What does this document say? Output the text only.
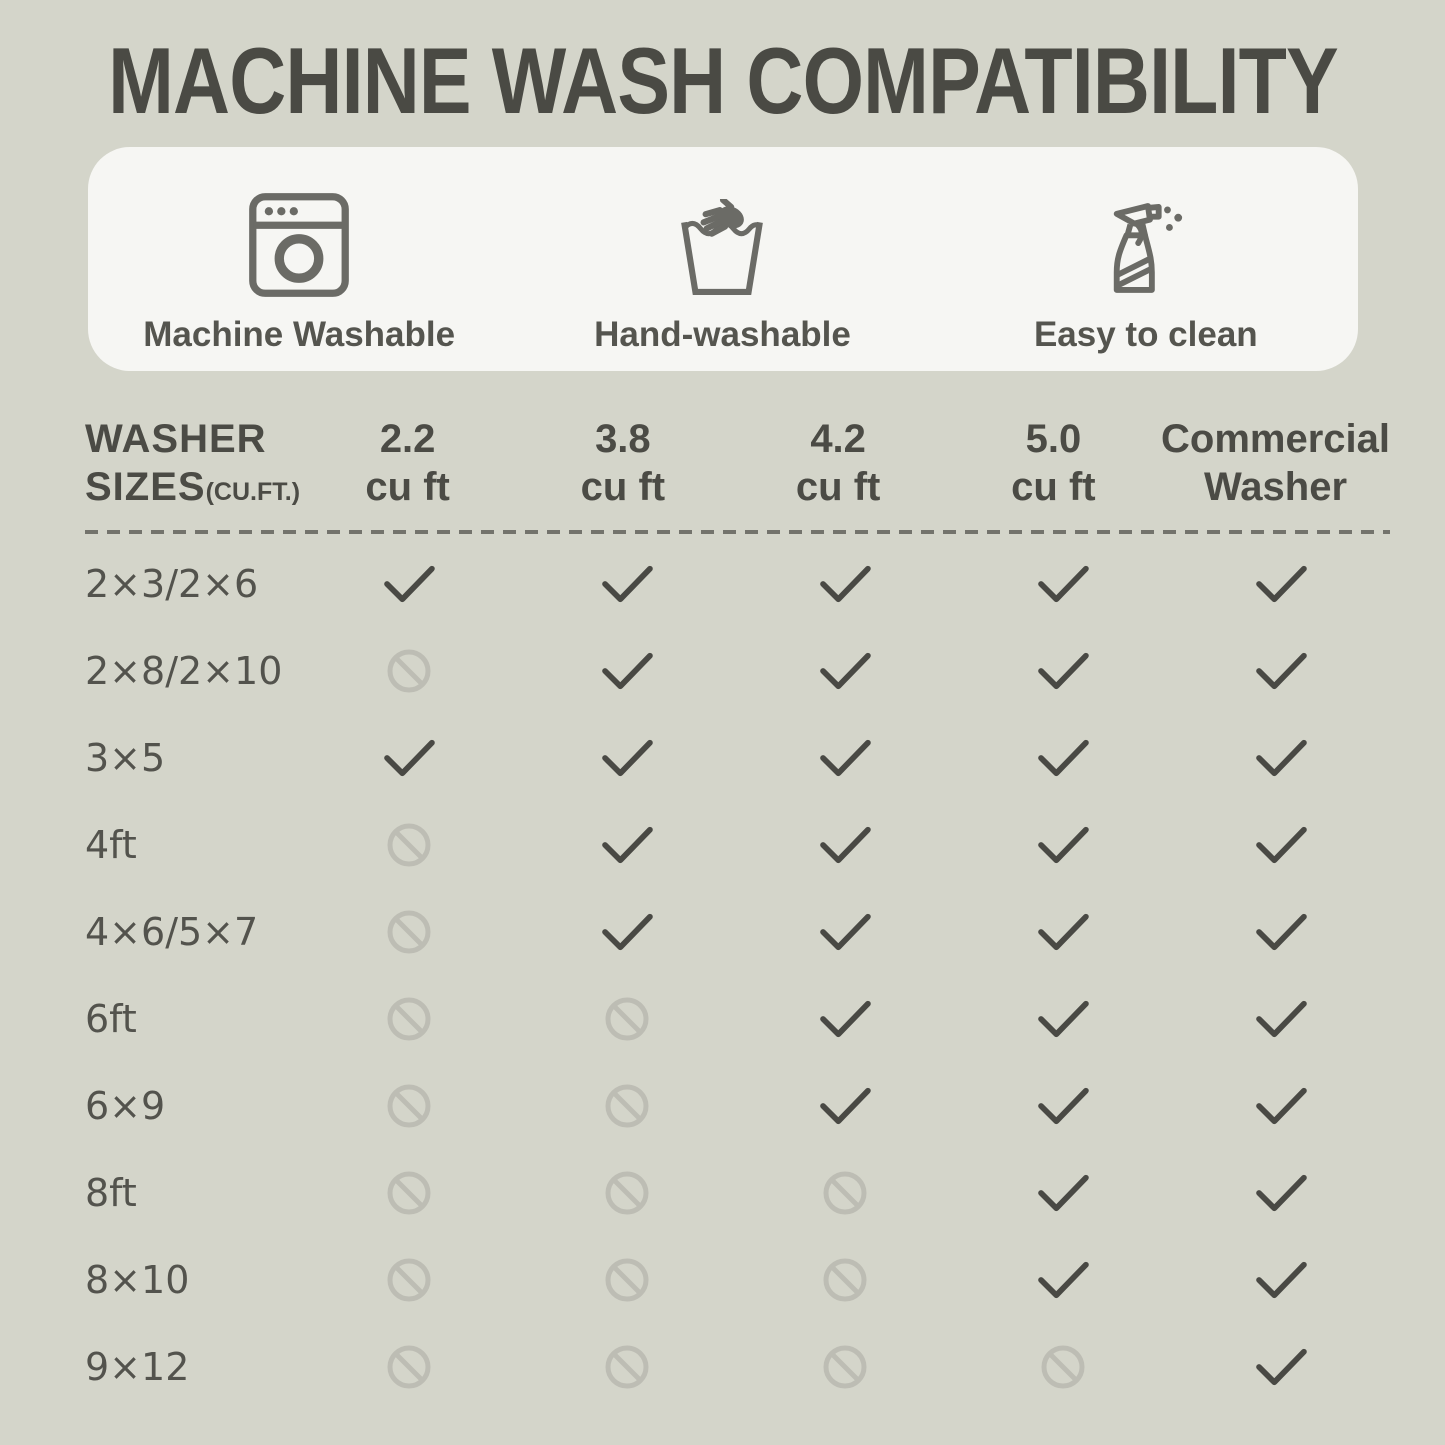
MACHINE WASH COMPATIBILITY
Machine Washable	Hand-washable	Easy to clean
WASHER
SIZES(CU.FT.)
2.2
cu ft
3.8
cu ft
4.2
cu ft
5.0
cu ft
Commercial
Washer
2×3/2×6
2×8/2×10
3×5
4ft
4×6/5×7
6ft
6×9
8ft
8×10
9×12
